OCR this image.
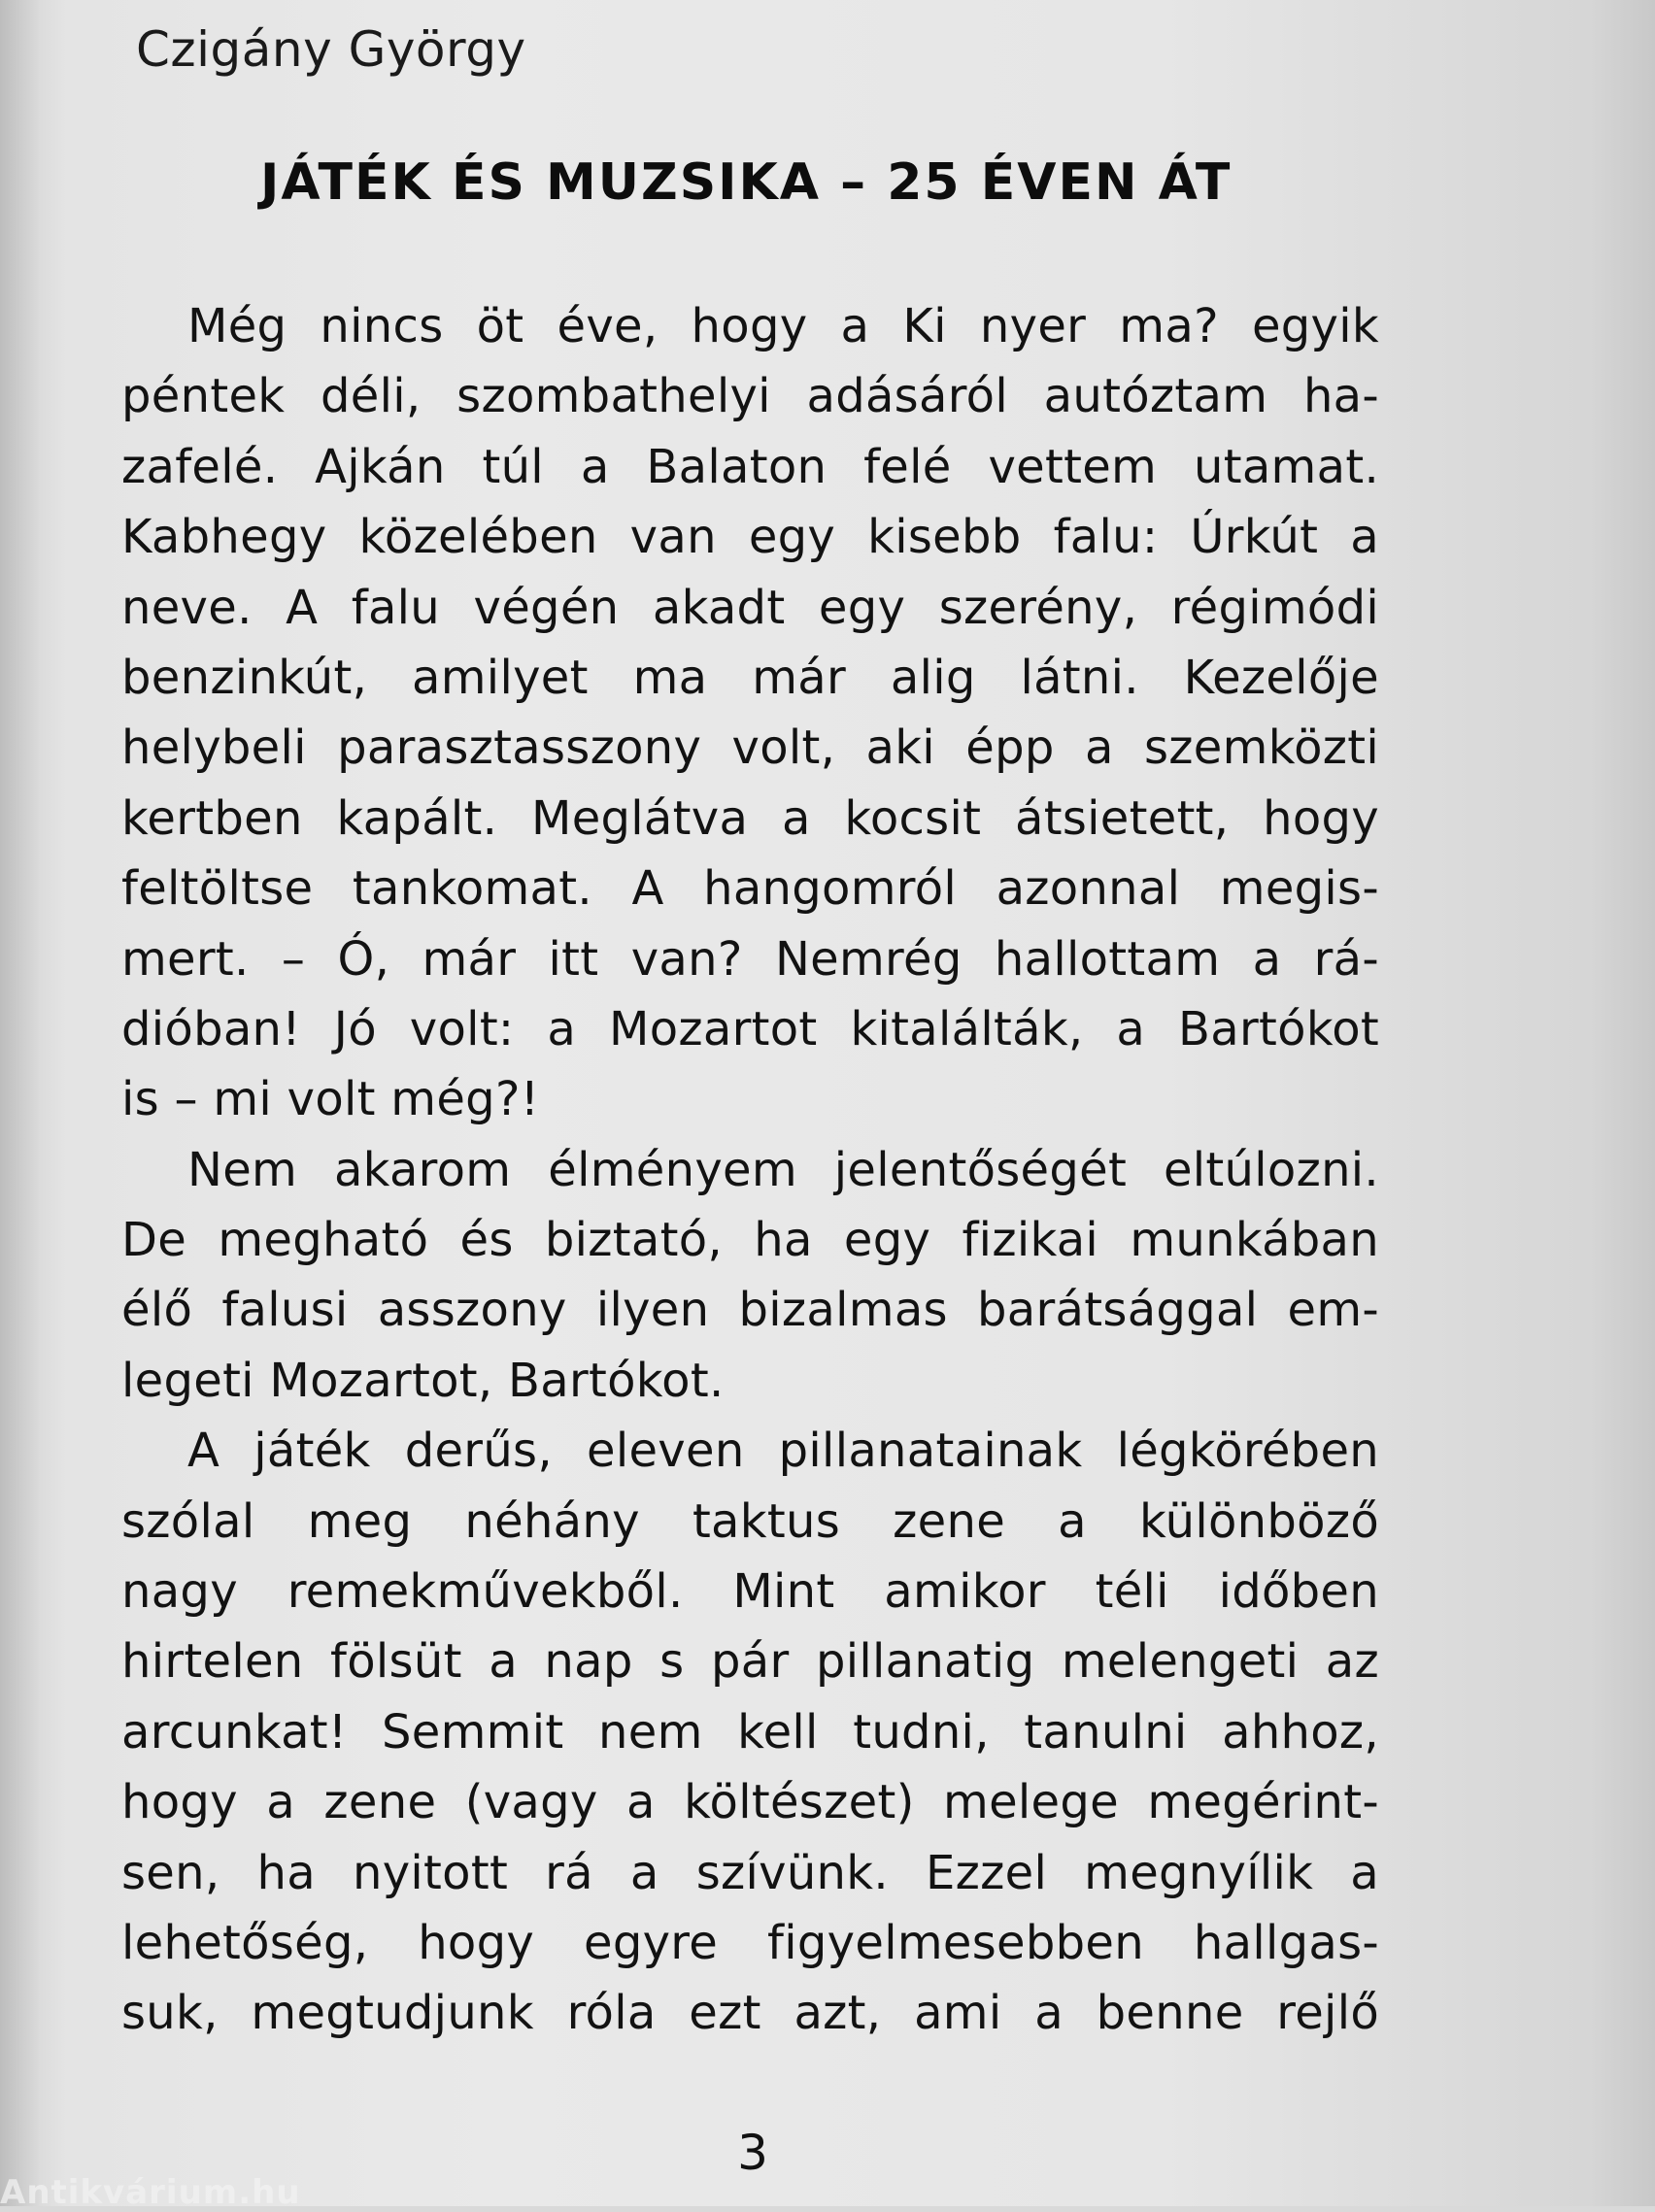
Czigány György
JÁTÉK ÉS MUZSIKA – 25 ÉVEN ÁT
Még nincs öt éve, hogy a Ki nyer ma? egyik
péntek déli, szombathelyi adásáról autóztam ha-
zafelé. Ajkán túl a Balaton felé vettem utamat.
Kabhegy közelében van egy kisebb falu: Úrkút a
neve. A falu végén akadt egy szerény, régimódi
benzinkút, amilyet ma már alig látni. Kezelője
helybeli parasztasszony volt, aki épp a szemközti
kertben kapált. Meglátva a kocsit átsietett, hogy
feltöltse tankomat. A hangomról azonnal megis-
mert. – Ó, már itt van? Nemrég hallottam a rá-
dióban! Jó volt: a Mozartot kitalálták, a Bartókot
is – mi volt még?!
Nem akarom élményem jelentőségét eltúlozni.
De megható és biztató, ha egy fizikai munkában
élő falusi asszony ilyen bizalmas barátsággal em-
legeti Mozartot, Bartókot.
A játék derűs, eleven pillanatainak légkörében
szólal meg néhány taktus zene a különböző
nagy remekművekből. Mint amikor téli időben
hirtelen fölsüt a nap s pár pillanatig melengeti az
arcunkat! Semmit nem kell tudni, tanulni ahhoz,
hogy a zene (vagy a költészet) melege megérint-
sen, ha nyitott rá a szívünk. Ezzel megnyílik a
lehetőség, hogy egyre figyelmesebben hallgas-
suk, megtudjunk róla ezt azt, ami a benne rejlő
3
Antikvárium.hu
